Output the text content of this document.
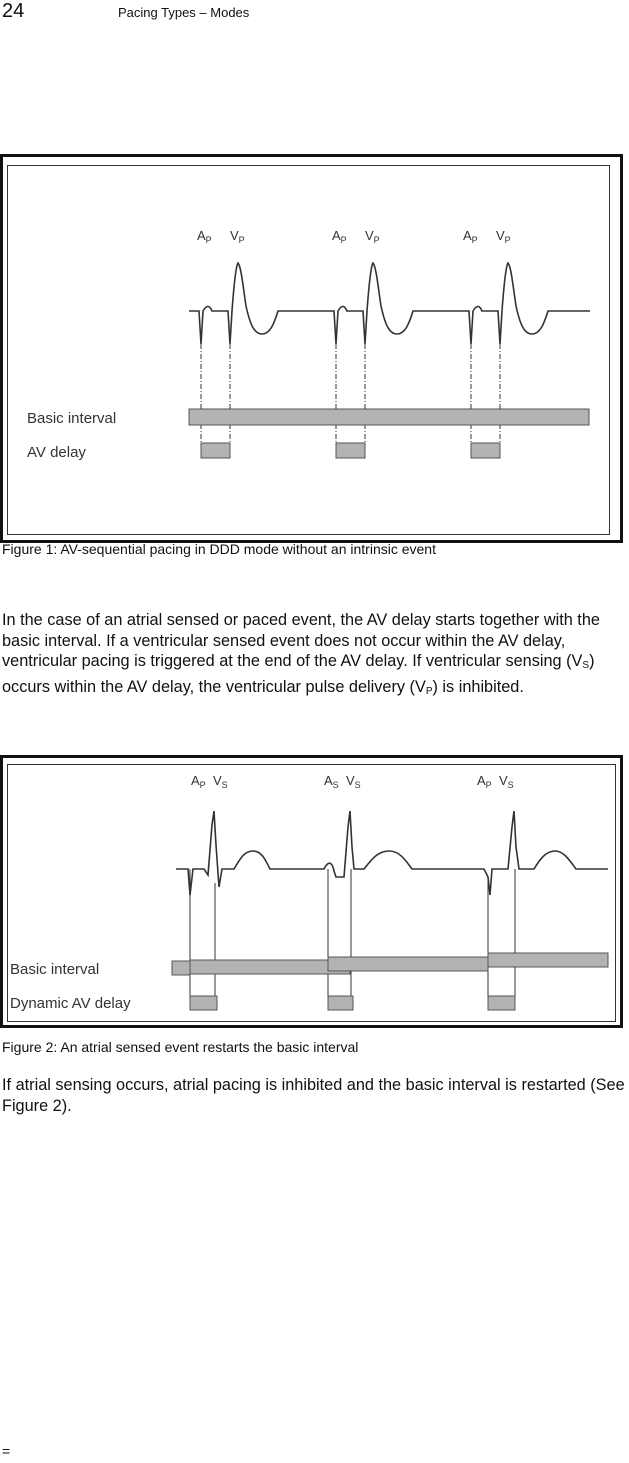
24	Pacing Types – Modes
$A_P$ $V_P$	$A_P$ $V_P$	$A_P$ $V_P$
Basic interval
AV delay
Figure 1: AV-sequential pacing in DDD mode without an intrinsic event
In the case of an atrial sensed or paced event, the AV delay starts together with the basic interval. If a ventricular sensed event does not occur within the AV delay, ventricular pacing is triggered at the end of the AV delay. If ventricular sensing $(V_S)$ occurs within the AV delay, the ventricular pulse delivery $(V_P)$ is inhibited.
$A_P$ $V_S$	$A_S$ $V_S$	$A_P$ $V_S$
Basic interval
Dynamic AV delay
Figure 2: An atrial sensed event restarts the basic interval
If atrial sensing occurs, atrial pacing is inhibited and the basic interval is restarted (See Figure 2).
=
